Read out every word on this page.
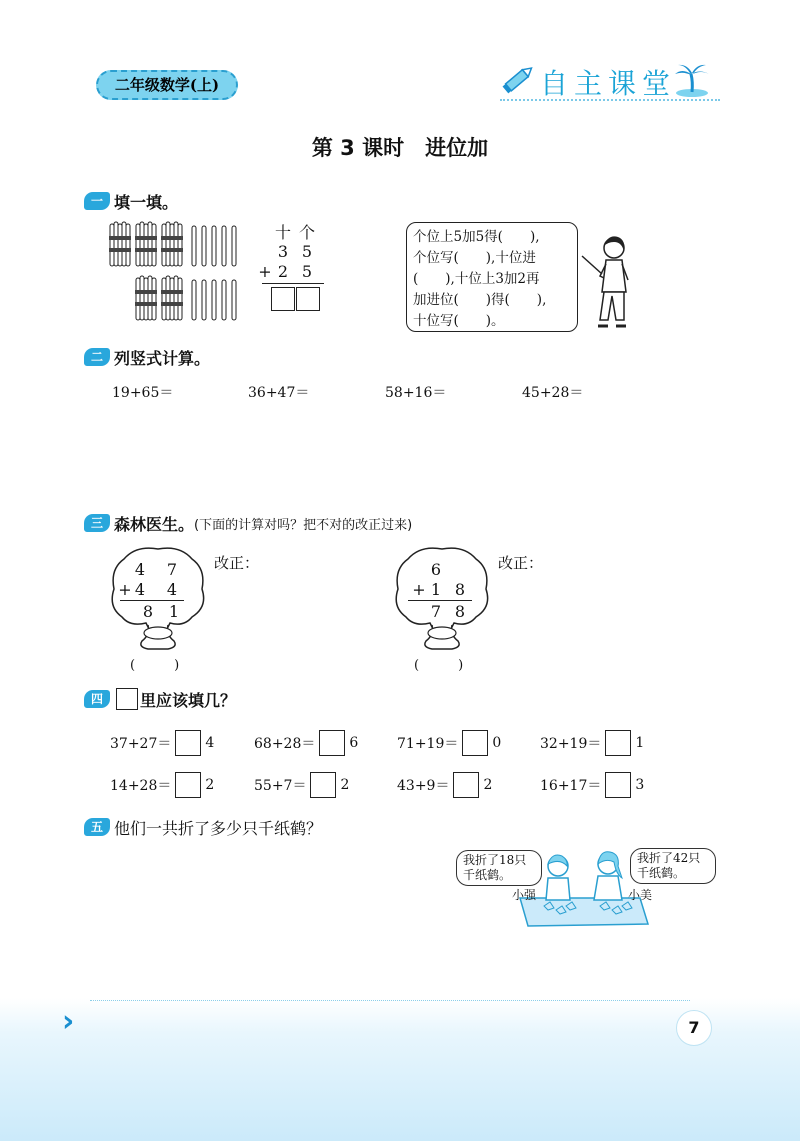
二年级数学(上)	自主课堂
第 3 课时　进位加
一 填一填。
十 个
3 5
+ 2 5
个位上5加5得(　　),
个位写(　　),十位进
(　　),十位上3加2再
加进位(　　)得(　　),
十位写(　　)。
二 列竖式计算。
19+65＝	36+47＝	58+16＝	45+28＝
三 森林医生。 (下面的计算对吗？把不对的改正过来)
4 7
+ 4 4
8 1
(　　　)
改正：	6
+ 1 8
7 8
(　　　)
改正：
四	里应该填几？
37+27＝ 4	68+28＝ 6	71+19＝ 0	32+19＝ 1
14+28＝ 2	55+7＝ 2	43+9＝ 2	16+17＝ 3
五 他们一共折了多少只千纸鹤？
我折了18只
千纸鹤。
我折了42只
千纸鹤。
小强	小美
›	7
